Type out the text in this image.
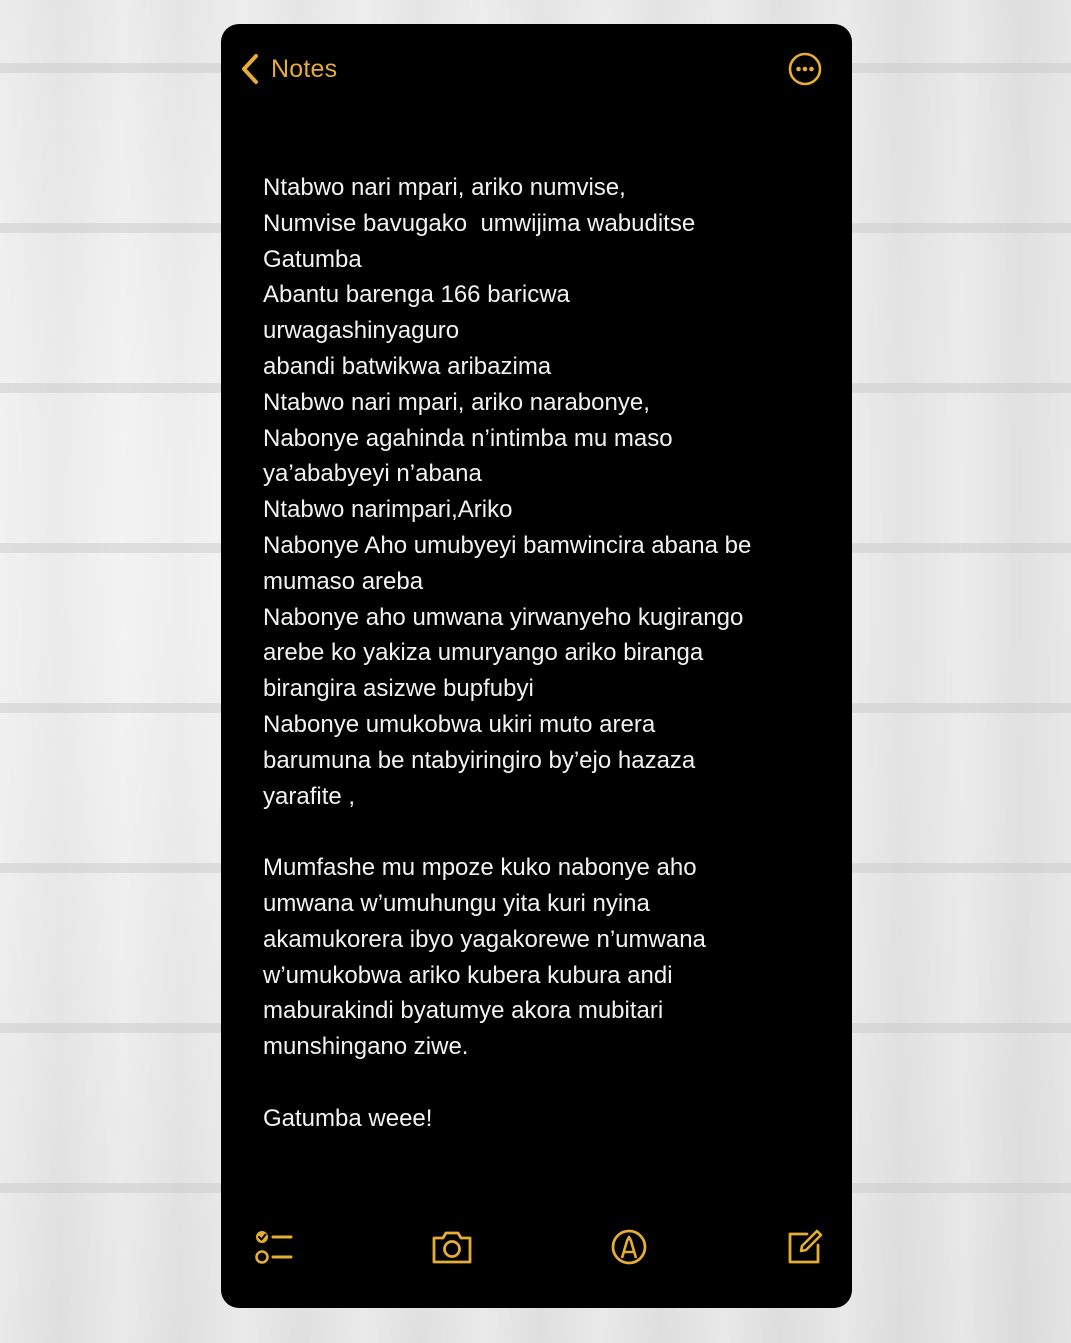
Notes
Ntabwo nari mpari, ariko numvise,
Numvise bavugako  umwijima wabuditse
Gatumba
Abantu barenga 166 baricwa
urwagashinyaguro
abandi batwikwa aribazima
Ntabwo nari mpari, ariko narabonye,
Nabonye agahinda n’intimba mu maso
ya’ababyeyi n’abana
Ntabwo narimpari,Ariko
Nabonye Aho umubyeyi bamwincira abana be
mumaso areba
Nabonye aho umwana yirwanyeho kugirango
arebe ko yakiza umuryango ariko biranga
birangira asizwe bupfubyi
Nabonye umukobwa ukiri muto arera
barumuna be ntabyiringiro by’ejo hazaza
yarafite ,

Mumfashe mu mpoze kuko nabonye aho
umwana w’umuhungu yita kuri nyina
akamukorera ibyo yagakorewe n’umwana
w’umukobwa ariko kubera kubura andi
maburakindi byatumye akora mubitari
munshingano ziwe.

Gatumba weee!
